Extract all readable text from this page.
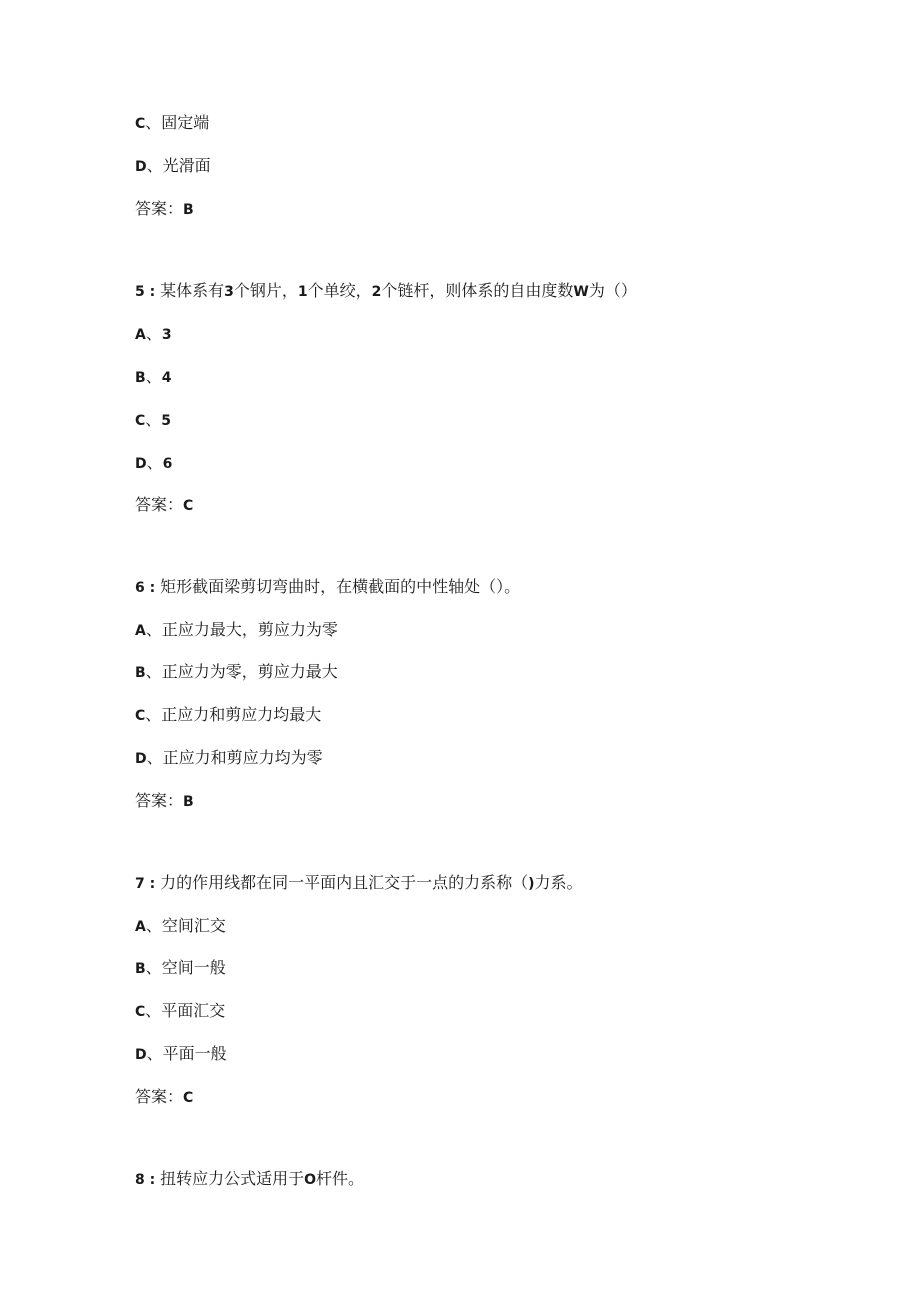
C、固定端
D、光滑面
答案：B
5 : 某体系有3个钢片，1个单绞，2个链杆，则体系的自由度数W为（）
A、3
B、4
C、5
D、6
答案：C
6 : 矩形截面梁剪切弯曲时，在横截面的中性轴处（）。
A、正应力最大，剪应力为零
B、正应力为零，剪应力最大
C、正应力和剪应力均最大
D、正应力和剪应力均为零
答案：B
7 : 力的作用线都在同一平面内且汇交于一点的力系称（)力系。
A、空间汇交
B、空间一般
C、平面汇交
D、平面一般
答案：C
8 : 扭转应力公式适用于O杆件。
